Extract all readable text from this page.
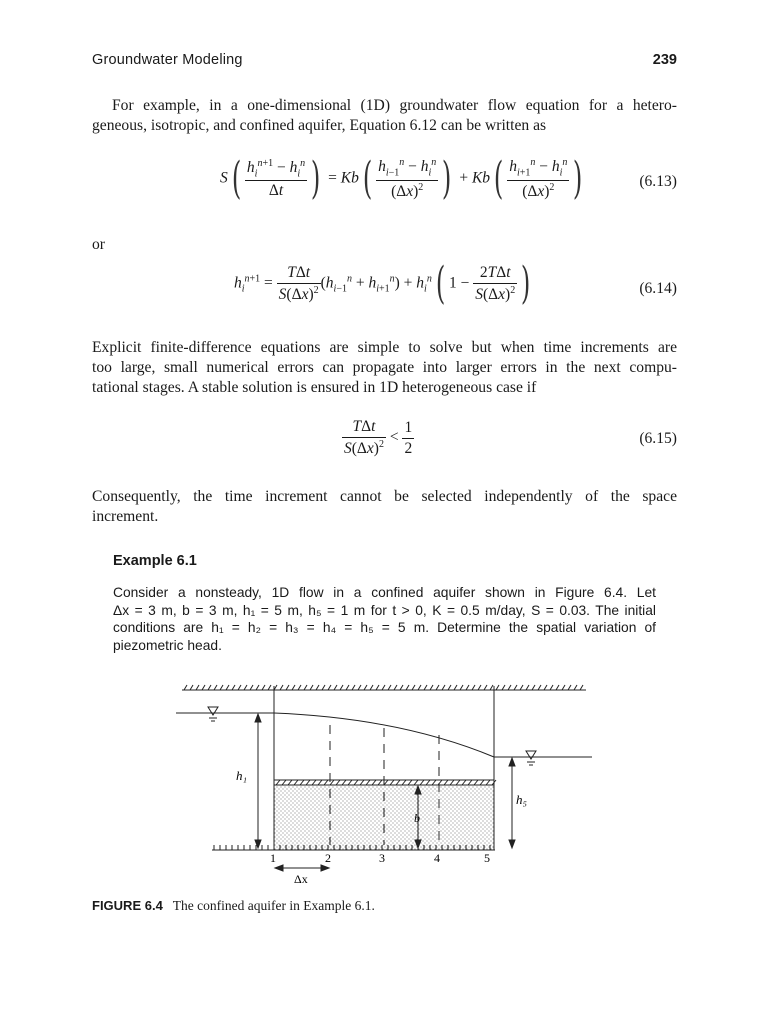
Groundwater Modeling	239
For example, in a one-dimensional (1D) groundwater flow equation for a hetero-
geneous, isotropic, and confined aquifer, Equation 6.12 can be written as
$S( \frac{h_i^{n+1} - h_i^n}{\Delta t}$ ) = $Kb( \frac{h_{i-1}^n - h_i^n}{(\Delta x)^2}$ ) + $Kb( \frac{h_{i+1}^n - h_i^n}{(\Delta x)^2}$ )	(6.13)
or
$h_i^{n+1} = \frac{\text{TΔt}}{S(\Delta x)^2} (h_{i-1}^n + h_{i+1}^n) + h_i^n$( $1 - \frac{\text{2TΔt}}{S(\Delta x)^2}$ )	(6.14)
Explicit finite-difference equations are simple to solve but when time increments are
too large, small numerical errors can propagate into larger errors in the next compu-
tational stages. A stable solution is ensured in 1D heterogeneous case if
$\frac{\text{TΔt}}{S(\Delta x)^2} < \frac{1}{2}$	(6.15)
Consequently, the time increment cannot be selected independently of the space
increment.
Example 6.1
Consider a nonsteady, 1D flow in a confined aquifer shown in Figure 6.4. Let
Δx = 3 m, b = 3 m, h₁ = 5 m, h₅ = 1 m for t > 0, K = 0.5 m/day, S = 0.03. The initial
conditions are h₁ = h₂ = h₃ = h₄ = h₅ = 5 m. Determine the spatial variation of
piezometric head.
h₁
h₅
b
Δx
1	2	3	4	5
FIGURE 6.4 The confined aquifer in Example 6.1.
